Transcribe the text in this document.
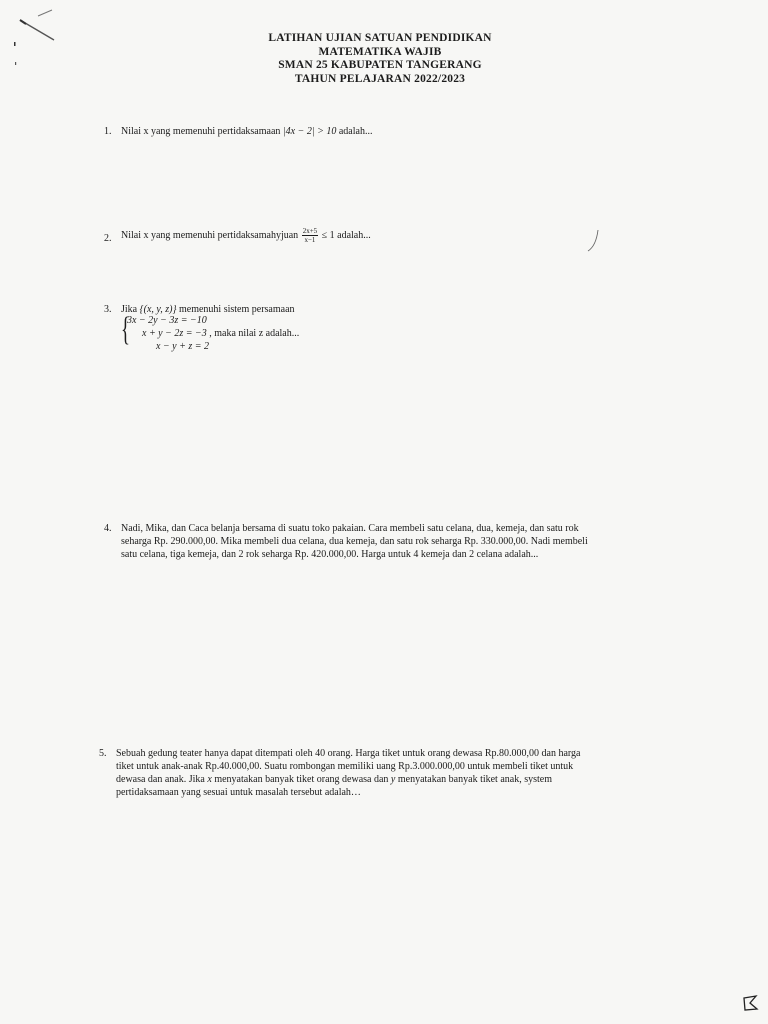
LATIHAN UJIAN SATUAN PENDIDIKAN
MATEMATIKA WAJIB
SMAN 25 KABUPATEN TANGERANG
TAHUN PELAJARAN 2022/2023
1. Nilai x yang memenuhi pertidaksamaan |4x − 2| > 10 adalah...
2. Nilai x yang memenuhi pertidaksamahyjuan $\frac{2x+5}{x-1} \le 1$ adalah...
3. Jika {(x, y, z)} memenuhi sistem persamaan
{
3x − 2y − 3z = −10
x + y − 2z = −3 , maka nilai z adalah...
x − y + z = 2
4. Nadi, Mika, dan Caca belanja bersama di suatu toko pakaian. Cara membeli satu celana, dua, kemeja, dan satu rok
seharga Rp. 290.000,00. Mika membeli dua celana, dua kemeja, dan satu rok seharga Rp. 330.000,00. Nadi membeli
satu celana, tiga kemeja, dan 2 rok seharga Rp. 420.000,00. Harga untuk 4 kemeja dan 2 celana adalah...
5. Sebuah gedung teater hanya dapat ditempati oleh 40 orang. Harga tiket untuk orang dewasa Rp.80.000,00 dan harga
tiket untuk anak-anak Rp.40.000,00. Suatu rombongan memiliki uang Rp.3.000.000,00 untuk membeli tiket untuk
dewasa dan anak. Jika x menyatakan banyak tiket orang dewasa dan y menyatakan banyak tiket anak, system
pertidaksamaan yang sesuai untuk masalah tersebut adalah…
